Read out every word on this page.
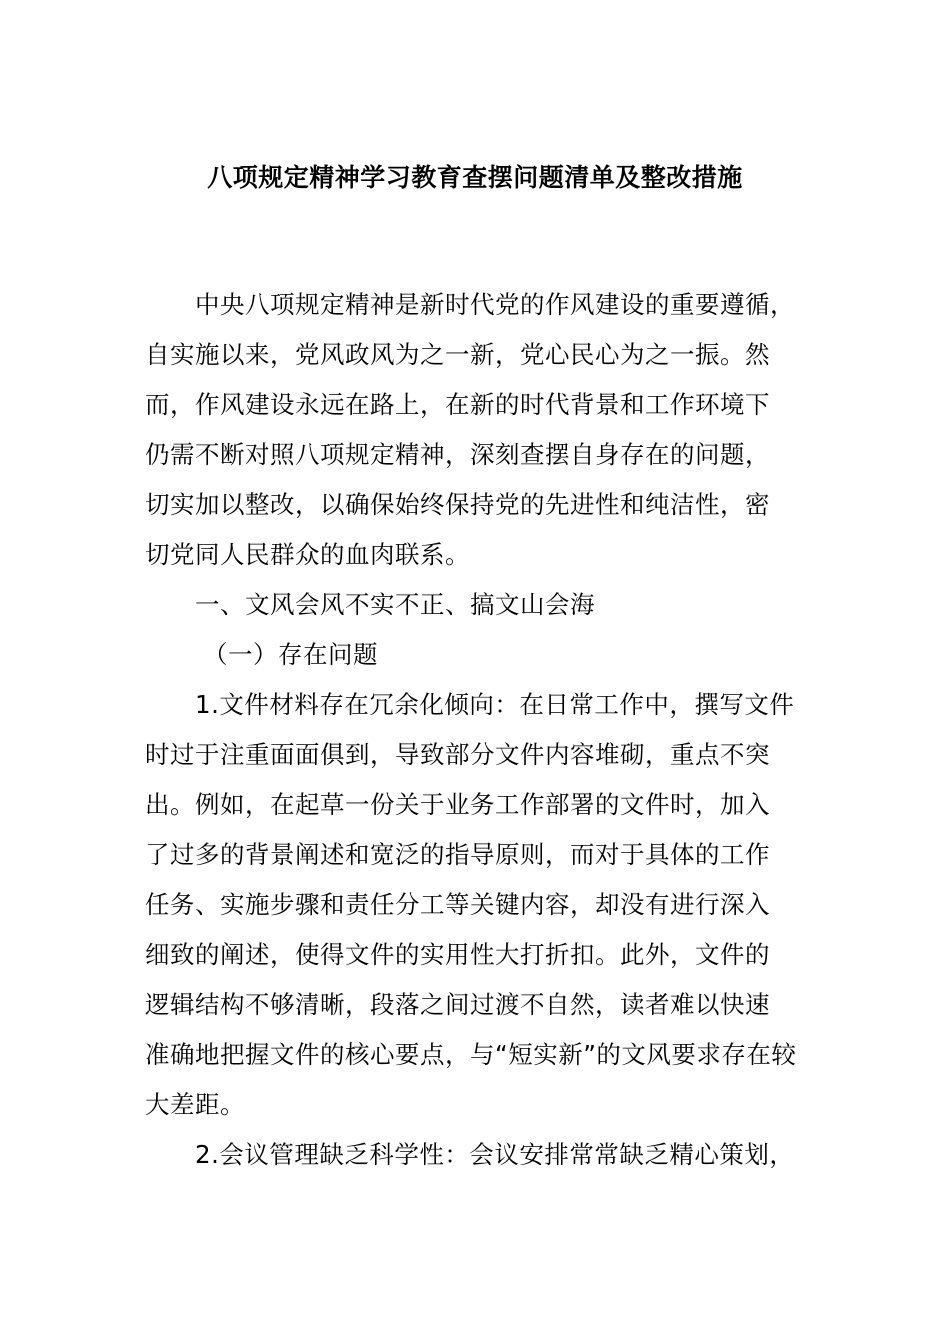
八项规定精神学习教育查摆问题清单及整改措施
中央八项规定精神是新时代党的作风建设的重要遵循，
自实施以来，党风政风为之一新，党心民心为之一振。然
而，作风建设永远在路上，在新的时代背景和工作环境下
仍需不断对照八项规定精神，深刻查摆自身存在的问题，
切实加以整改，以确保始终保持党的先进性和纯洁性，密
切党同人民群众的血肉联系。
一、文风会风不实不正、搞文山会海
（一）存在问题
1.文件材料存在冗余化倾向：在日常工作中，撰写文件
时过于注重面面俱到，导致部分文件内容堆砌，重点不突
出。例如，在起草一份关于业务工作部署的文件时，加入
了过多的背景阐述和宽泛的指导原则，而对于具体的工作
任务、实施步骤和责任分工等关键内容，却没有进行深入
细致的阐述，使得文件的实用性大打折扣。此外，文件的
逻辑结构不够清晰，段落之间过渡不自然，读者难以快速
准确地把握文件的核心要点，与“短实新”的文风要求存在较
大差距。
2.会议管理缺乏科学性：会议安排常常缺乏精心策划，
